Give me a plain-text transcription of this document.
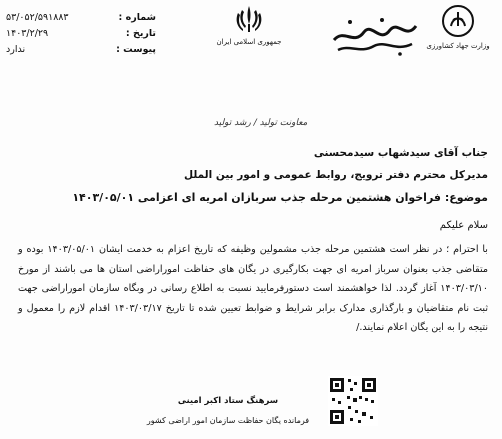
شماره :
۵۳/۰۵۲/۵۹۱۸۸۳
تاریخ :
۱۴۰۳/۲/۲۹
پیوست :
ندارد
جمهوری اسلامی ایران	وزارت جهاد کشاورزی
معاونت تولید / رشد تولید
جناب آقای سیدشهاب سیدمحسنی
مدیرکل محترم دفتر ترویج، روابط عمومی و امور بین الملل
موضوع: فراخوان هشتمین مرحله جذب سربازان امریه ای اعزامی ۱۴۰۳/۰۵/۰۱
سلام علیکم
با احترام ؛ در نظر است هشتمین مرحله جذب مشمولین وظیفه که تاریخ اعزام به خدمت ایشان ۱۴۰۳/۰۵/۰۱ بوده و متقاضی جذب بعنوان سرباز امریه ای جهت بکارگیری در یگان های حفاظت اموراراضی استان ها می باشند از مورخ ۱۴۰۳/۰۳/۱۰ آغاز گردد. لذا خواهشمند است دستورفرمایید نسبت به اطلاع رسانی در وبگاه سازمان اموراراضی جهت ثبت نام متقاضیان و بارگذاری مدارک برابر شرایط و ضوابط تعیین شده تا تاریخ ۱۴۰۳/۰۳/۱۷ اقدام لازم را معمول و نتیجه را به این یگان اعلام نمایند./
سرهنگ ستاد اکبر امینی
فرمانده یگان حفاظت سازمان امور اراضی کشور
